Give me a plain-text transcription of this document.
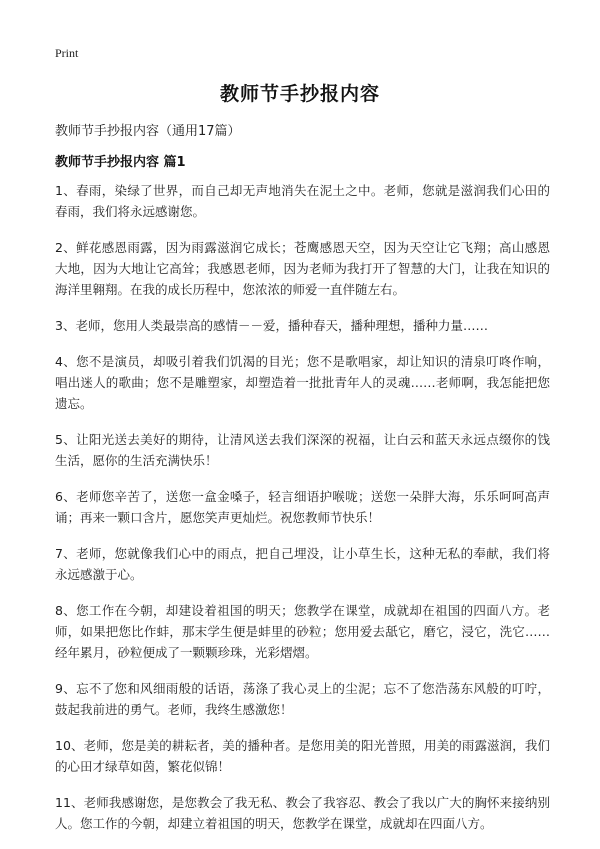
Print
教师节手抄报内容
教师节手抄报内容（通用17篇）
教师节手抄报内容 篇1

1、春雨，染绿了世界，而自己却无声地消失在泥土之中。老师，您就是滋润我们心田的春雨，我们将永远感谢您。

2、鲜花感恩雨露，因为雨露滋润它成长；苍鹰感恩天空，因为天空让它飞翔；高山感恩大地，因为大地让它高耸；我感恩老师，因为老师为我打开了智慧的大门，让我在知识的海洋里翱翔。在我的成长历程中，您浓浓的师爱一直伴随左右。

3、老师，您用人类最崇高的感情－－爱，播种春天，播种理想，播种力量……

4、您不是演员，却吸引着我们饥渴的目光；您不是歌唱家，却让知识的清泉叮咚作响，唱出迷人的歌曲；您不是雕塑家，却塑造着一批批青年人的灵魂……老师啊，我怎能把您遗忘。

5、让阳光送去美好的期待，让清风送去我们深深的祝福，让白云和蓝天永远点缀你的饯生活，愿你的生活充满快乐！

6、老师您辛苦了，送您一盒金嗓子，轻言细语护喉咙；送您一朵胖大海，乐乐呵呵高声诵；再来一颗口含片，愿您笑声更灿烂。祝您教师节快乐！

7、老师，您就像我们心中的雨点，把自己埋没，让小草生长，这种无私的奉献，我们将永远感激于心。

8、您工作在今朝，却建设着祖国的明天；您教学在课堂，成就却在祖国的四面八方。老师，如果把您比作蚌，那末学生便是蚌里的砂粒；您用爱去舐它，磨它，浸它，洗它……经年累月，砂粒便成了一颗颗珍珠，光彩熠熠。

9、忘不了您和风细雨般的话语，荡涤了我心灵上的尘泥；忘不了您浩荡东风般的叮咛，鼓起我前进的勇气。老师，我终生感激您！

10、老师，您是美的耕耘者，美的播种者。是您用美的阳光普照，用美的雨露滋润，我们的心田才绿草如茵，繁花似锦！

11、老师我感谢您，是您教会了我无私、教会了我容忍、教会了我以广大的胸怀来接纳别人。您工作的今朝，却建立着祖国的明天，您教学在课堂，成就却在四面八方。
